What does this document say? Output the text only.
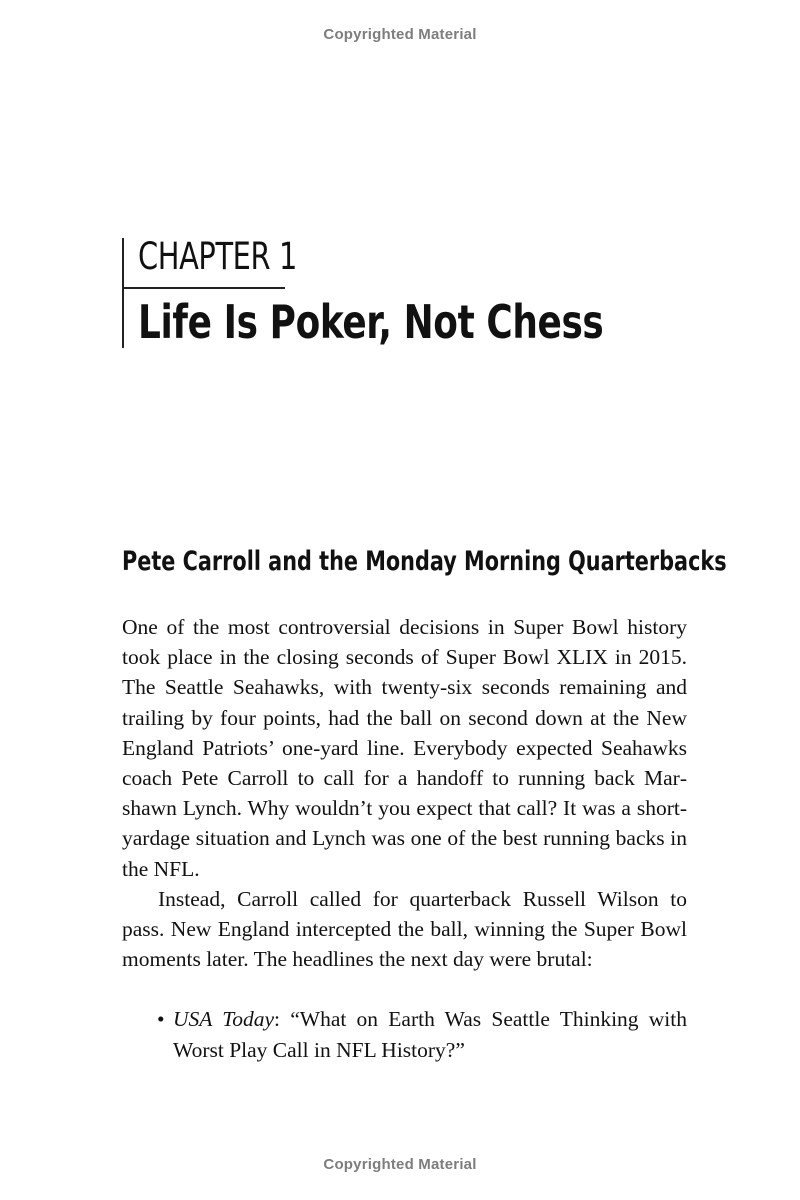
Copyrighted Material
CHAPTER 1
Life Is Poker, Not Chess
Pete Carroll and the Monday Morning Quarterbacks

One of the most controversial decisions in Super Bowl history took place in the closing seconds of Super Bowl XLIX in 2015. The Seattle Seahawks, with twenty-six seconds remaining and trailing by four points, had the ball on second down at the New England Patriots’ one-yard line. Everybody expected Seahawks coach Pete Carroll to call for a handoff to running back Marshawn Lynch. Why wouldn’t you expect that call? It was a short-yardage situation and Lynch was one of the best running backs in the NFL.

Instead, Carroll called for quarterback Russell Wilson to pass. New England intercepted the ball, winning the Super Bowl moments later. The headlines the next day were brutal:

• USA Today: “What on Earth Was Seattle Thinking with Worst Play Call in NFL History?”
Copyrighted Material
